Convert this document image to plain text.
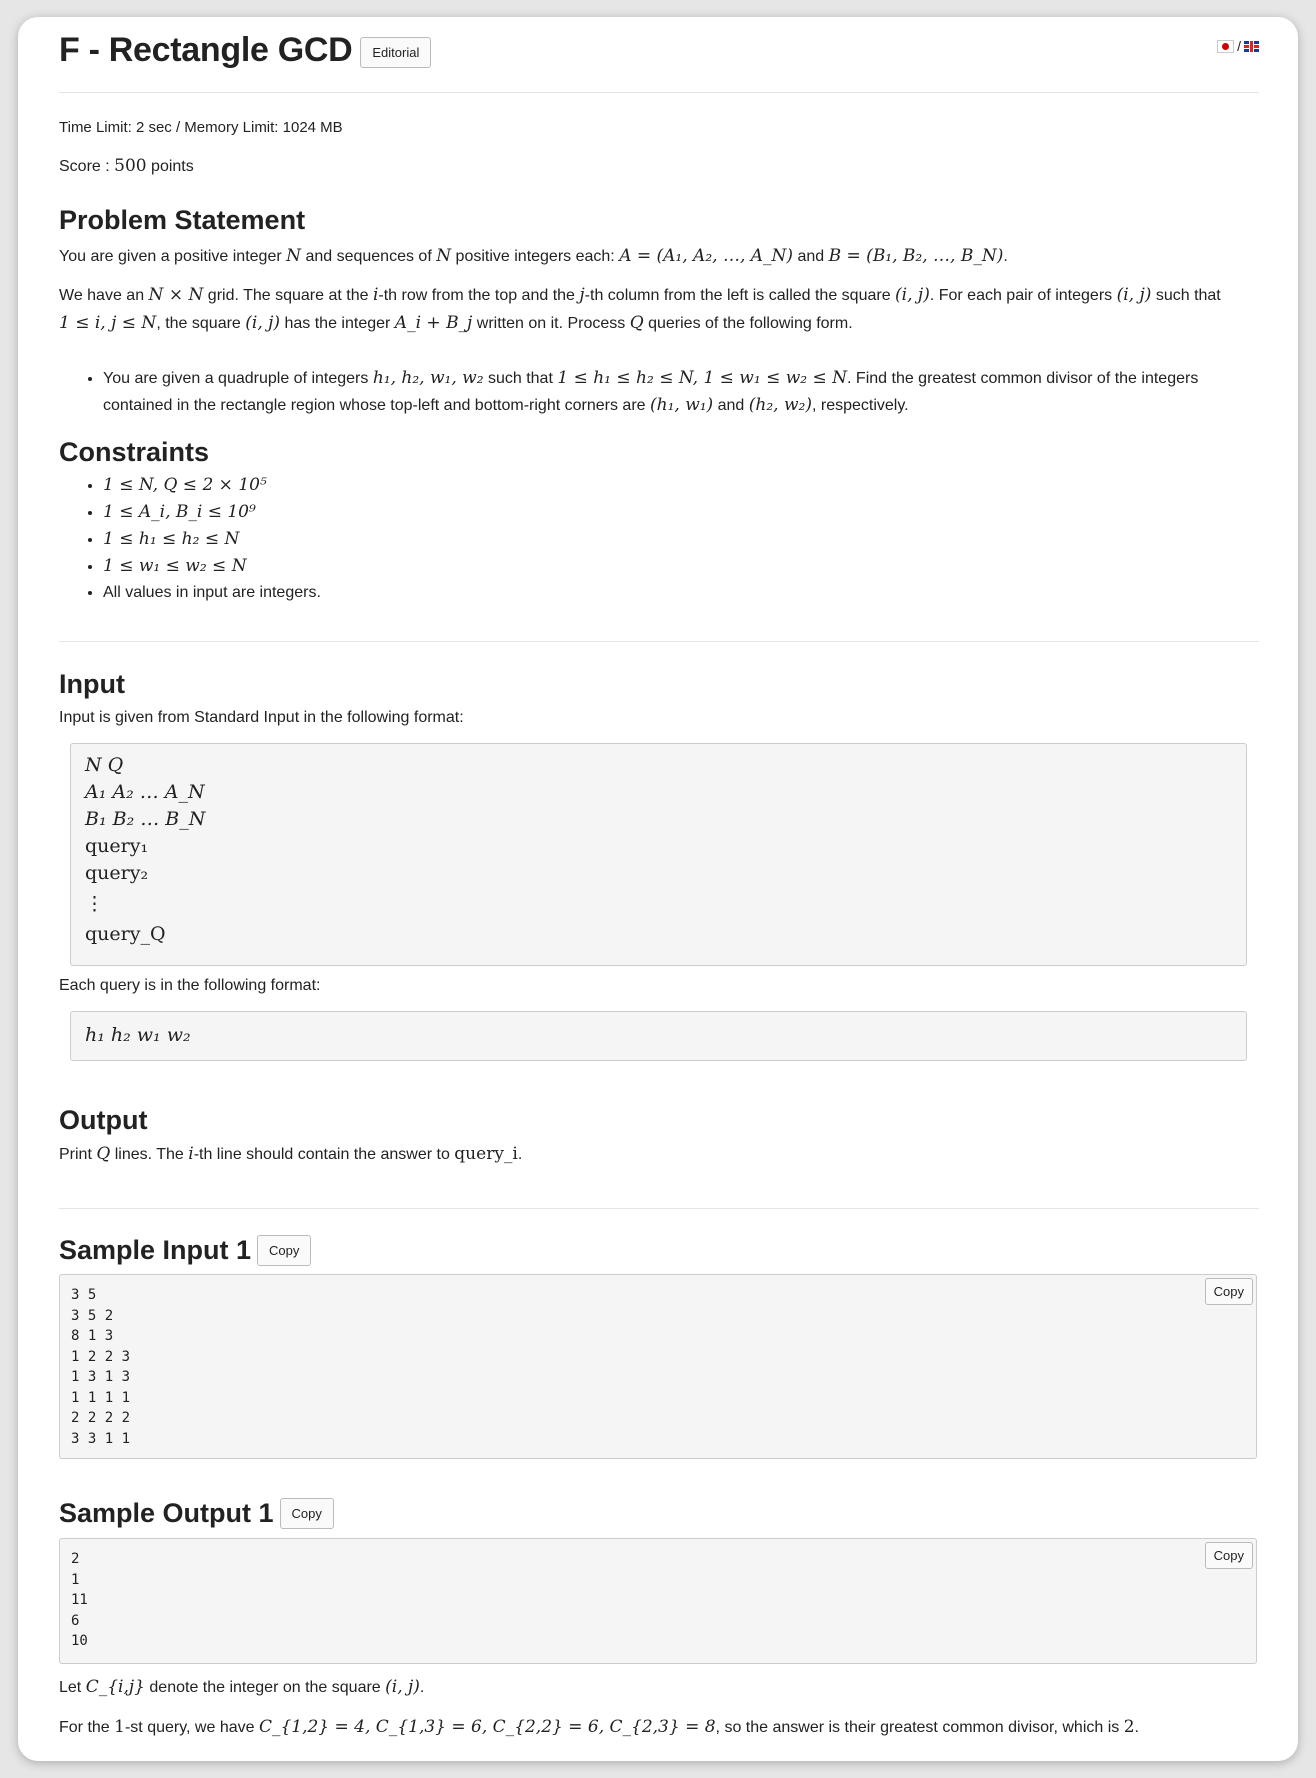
F - Rectangle GCD	Editorial	/
Time Limit: 2 sec / Memory Limit: 1024 MB
Score : 500 points
Problem Statement
You are given a positive integer N and sequences of N positive integers each: A = (A₁, A₂, …, A_N) and B = (B₁, B₂, …, B_N).
We have an N × N grid. The square at the i-th row from the top and the j-th column from the left is called the square (i, j). For each pair of integers (i, j) such that
1 ≤ i, j ≤ N, the square (i, j) has the integer A_i + B_j written on it. Process Q queries of the following form.
• You are given a quadruple of integers h₁, h₂, w₁, w₂ such that 1 ≤ h₁ ≤ h₂ ≤ N, 1 ≤ w₁ ≤ w₂ ≤ N. Find the greatest common divisor of the integers
contained in the rectangle region whose top-left and bottom-right corners are (h₁, w₁) and (h₂, w₂), respectively.
Constraints
• 1 ≤ N, Q ≤ 2 × 10⁵
• 1 ≤ A_i, B_i ≤ 10⁹
• 1 ≤ h₁ ≤ h₂ ≤ N
• 1 ≤ w₁ ≤ w₂ ≤ N
• All values in input are integers.
Input
Input is given from Standard Input in the following format:
N Q
A₁ A₂ … A_N
B₁ B₂ … B_N
query₁
query₂
⋮
query_Q
Each query is in the following format:
h₁ h₂ w₁ w₂
Output
Print Q lines. The i-th line should contain the answer to query_i.
Sample Input 1	Copy
3 5
3 5 2
8 1 3
1 2 2 3
1 3 1 3
1 1 1 1
2 2 2 2
3 3 1 1
Copy
Sample Output 1	Copy
2
1
11
6
10
Copy
Let C_{i,j} denote the integer on the square (i, j).
For the 1-st query, we have C_{1,2} = 4, C_{1,3} = 6, C_{2,2} = 6, C_{2,3} = 8, so the answer is their greatest common divisor, which is 2.
